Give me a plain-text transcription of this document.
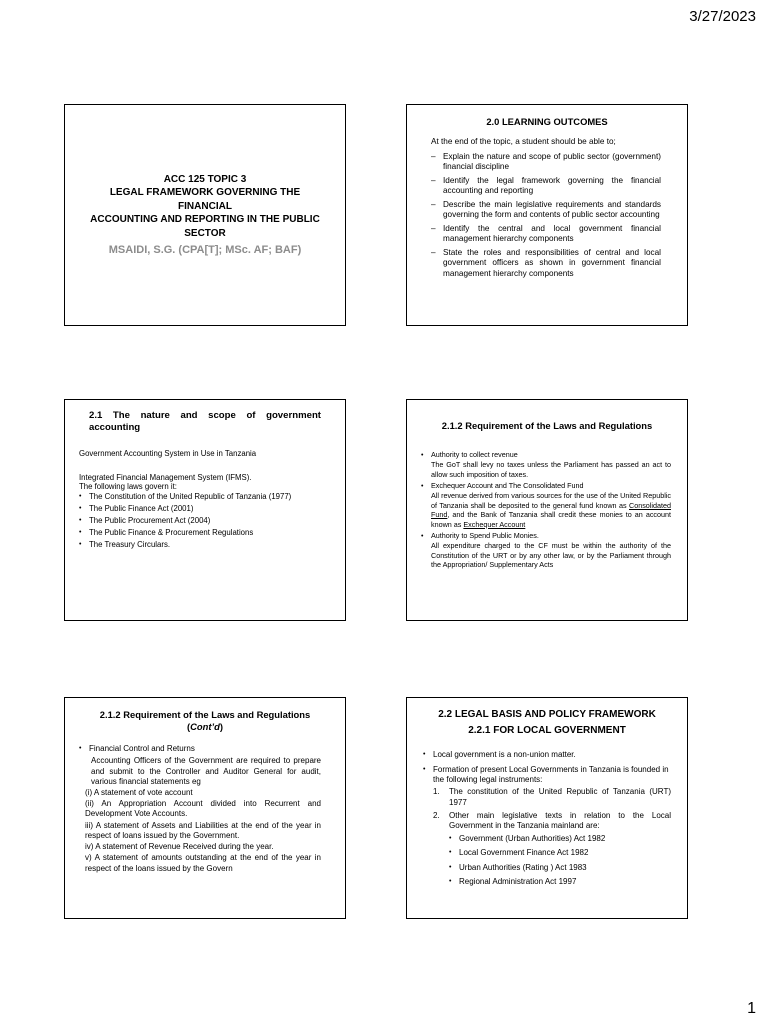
3/27/2023
ACC 125 TOPIC 3
LEGAL FRAMEWORK GOVERNING THE FINANCIAL
ACCOUNTING AND REPORTING IN THE PUBLIC
SECTOR
MSAIDI, S.G. (CPA[T]; MSc. AF; BAF)
2.0 LEARNING OUTCOMES

At the end of the topic, a student should be able to;

– Explain the nature and scope of public sector (government) financial discipline
– Identify the legal framework governing the financial accounting and reporting
– Describe the main legislative requirements and standards governing the form and contents of public sector accounting
– Identify the central and local government financial management hierarchy components
– State the roles and responsibilities of central and local government officers as shown in government financial management hierarchy components
2.1 The nature and scope of government accounting

Government Accounting System in Use in Tanzania

Integrated Financial Management System (IFMS).

The following laws govern it:

• The Constitution of the United Republic of Tanzania (1977)
• The Public Finance Act (2001)
• The Public Procurement Act (2004)
• The Public Finance & Procurement Regulations
• The Treasury Circulars.
2.1.2 Requirement of the Laws and Regulations
• Authority to collect revenue
The GoT shall levy no taxes unless the Parliament has passed an act to allow such imposition of taxes.
• Exchequer Account and The Consolidated Fund
All revenue derived from various sources for the use of the United Republic of Tanzania shall be deposited to the general fund known as Consolidated Fund, and the Bank of Tanzania shall credit these monies to an account known as Exchequer Account
• Authority to Spend Public Monies.
All expenditure charged to the CF must be within the authority of the Constitution of the URT or by any other law, or by the Parliament through the Appropriation/ Supplementary Acts
2.1.2 Requirement of the Laws and Regulations
(Cont’d)
• Financial Control and Returns
Accounting Officers of the Government are required to prepare and submit to the Controller and Auditor General for audit, various financial statements eg
(i) A statement of vote account
(ii) An Appropriation Account divided into Recurrent and Development Vote Accounts.
iii) A statement of Assets and Liabilities at the end of the year in respect of loans issued by the Government.
iv) A statement of Revenue Received during the year.
v) A statement of amounts outstanding at the end of the year in respect of the loans issued by the Govern
2.2 LEGAL BASIS AND POLICY FRAMEWORK
2.2.1 FOR LOCAL GOVERNMENT
• Local government is a non-union matter.
• Formation of present Local Governments in Tanzania is founded in the following legal instruments:
1. The constitution of the United Republic of Tanzania (URT) 1977
2. Other main legislative texts in relation to the Local Government in the Tanzania mainland are:
• Government (Urban Authorities) Act 1982
• Local Government Finance Act 1982
• Urban Authorities (Rating ) Act 1983
• Regional Administration Act 1997
1
